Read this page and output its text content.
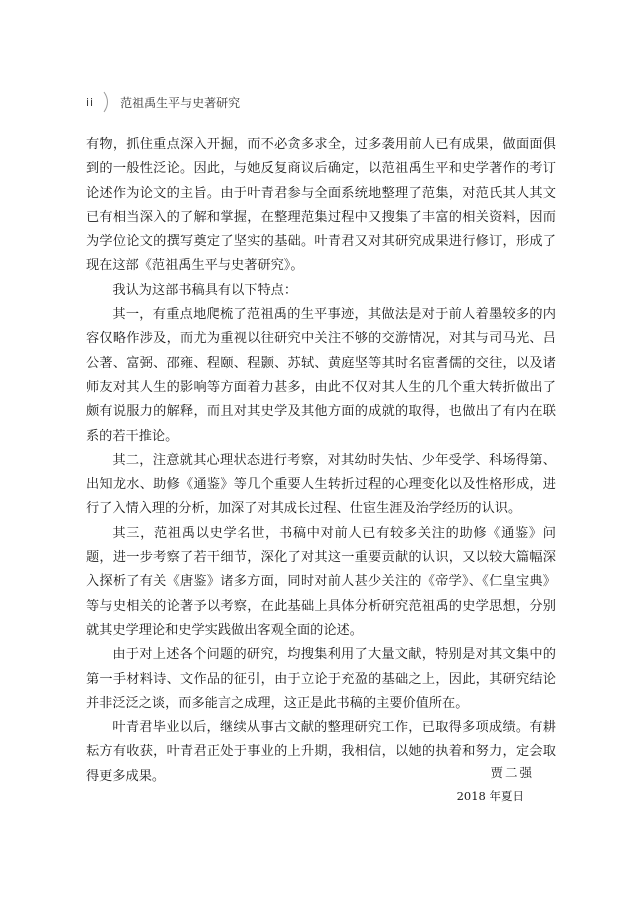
ii 范祖禹生平与史著研究

有物，抓住重点深入开掘，而不必贪多求全，过多袭用前人已有成果，做面面俱到的一般性泛论。因此，与她反复商议后确定，以范祖禹生平和史学著作的考订论述作为论文的主旨。由于叶青君参与全面系统地整理了范集，对范氏其人其文已有相当深入的了解和掌握，在整理范集过程中又搜集了丰富的相关资料，因而为学位论文的撰写奠定了坚实的基础。叶青君又对其研究成果进行修订，形成了现在这部《范祖禹生平与史著研究》。

我认为这部书稿具有以下特点：

其一，有重点地爬梳了范祖禹的生平事迹，其做法是对于前人着墨较多的内容仅略作涉及，而尤为重视以往研究中关注不够的交游情况，对其与司马光、吕公著、富弼、邵雍、程颐、程颢、苏轼、黄庭坚等其时名宦耆儒的交往，以及诸师友对其人生的影响等方面着力甚多，由此不仅对其人生的几个重大转折做出了颇有说服力的解释，而且对其史学及其他方面的成就的取得，也做出了有内在联系的若干推论。

其二，注意就其心理状态进行考察，对其幼时失怙、少年受学、科场得第、出知龙水、助修《通鉴》等几个重要人生转折过程的心理变化以及性格形成，进行了入情入理的分析，加深了对其成长过程、仕宦生涯及治学经历的认识。

其三，范祖禹以史学名世，书稿中对前人已有较多关注的助修《通鉴》问题，进一步考察了若干细节，深化了对其这一重要贡献的认识，又以较大篇幅深入探析了有关《唐鉴》诸多方面，同时对前人甚少关注的《帝学》、《仁皇宝典》等与史相关的论著予以考察，在此基础上具体分析研究范祖禹的史学思想，分别就其史学理论和史学实践做出客观全面的论述。

由于对上述各个问题的研究，均搜集利用了大量文献，特别是对其文集中的第一手材料诗、文作品的征引，由于立论于充盈的基础之上，因此，其研究结论并非泛泛之谈，而多能言之成理，这正是此书稿的主要价值所在。

叶青君毕业以后，继续从事古文献的整理研究工作，已取得多项成绩。有耕耘方有收获，叶青君正处于事业的上升期，我相信，以她的执着和努力，定会取得更多成果。	贾二强
2018 年夏日
